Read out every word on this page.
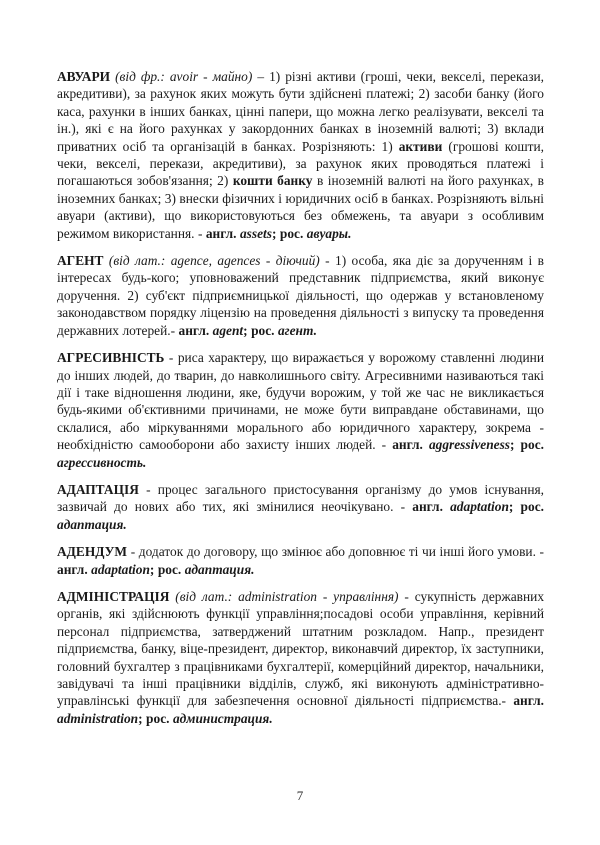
АВУАРИ (від фр.: avoir - майно) – 1) різні активи (гроші, чеки, векселі, перекази, акредитиви), за рахунок яких можуть бути здійснені платежі; 2) засоби банку (його каса, рахунки в інших банках, цінні папери, що можна легко реалізувати, векселі та ін.), які є на його рахунках у закордонних банках в іноземній валюті; 3) вклади приватних осіб та організацій в банках. Розрізняють: 1) активи (грошові кошти, чеки, векселі, перекази, акредитиви), за рахунок яких проводяться платежі і погашаються зобов'язання; 2) кошти банку в іноземній валюті на його рахунках, в іноземних банках; 3) внески фізичних і юридичних осіб в банках. Розрізняють вільні авуари (активи), що використовуються без обмежень, та авуари з особливим режимом використання. - англ. assets; рос. авуары.

АГЕНТ (від лат.: agence, agences - діючий) - 1) особа, яка діє за дорученням і в інтересах будь-кого; уповноважений представник підприємства, який виконує доручення. 2) суб'єкт підприємницької діяльності, що одержав у встановленому законодавством порядку ліцензію на проведення діяльності з випуску та проведення державних лотерей.- англ. agent; рос. агент.

АГРЕСИВНІСТЬ - риса характеру, що виражається у ворожому ставленні людини до інших людей, до тварин, до навколишнього світу. Агресивними називаються такі дії і таке відношення людини, яке, будучи ворожим, у той же час не викликається будь-якими об'єктивними причинами, не може бути виправдане обставинами, що склалися, або міркуваннями морального або юридичного характеру, зокрема - необхідністю самооборони або захисту інших людей. - англ. aggressiveness; рос. агрессивность.

АДАПТАЦІЯ - процес загального пристосування організму до умов існування, зазвичай до нових або тих, які змінилися неочікувано. - англ. adaptation; рос. адаптация.

АДЕНДУМ - додаток до договору, що змінює або доповнює ті чи інші його умови. - англ. adaptation; рос. адаптация.

АДМІНІСТРАЦІЯ (від лат.: administration - управління) - сукупність державних органів, які здійснюють функції управління;посадові особи управління, керівний персонал підприємства, затверджений штатним розкладом. Напр., президент підприємства, банку, віце-президент, директор, виконавчий директор, їх заступники, головний бухгалтер з працівниками бухгалтерії, комерційний директор, начальники, завідувачі та інші працівники відділів, служб, які виконують адміністративно-управлінські функції для забезпечення основної діяльності підприємства.- англ. administration; рос. администрация.

7
